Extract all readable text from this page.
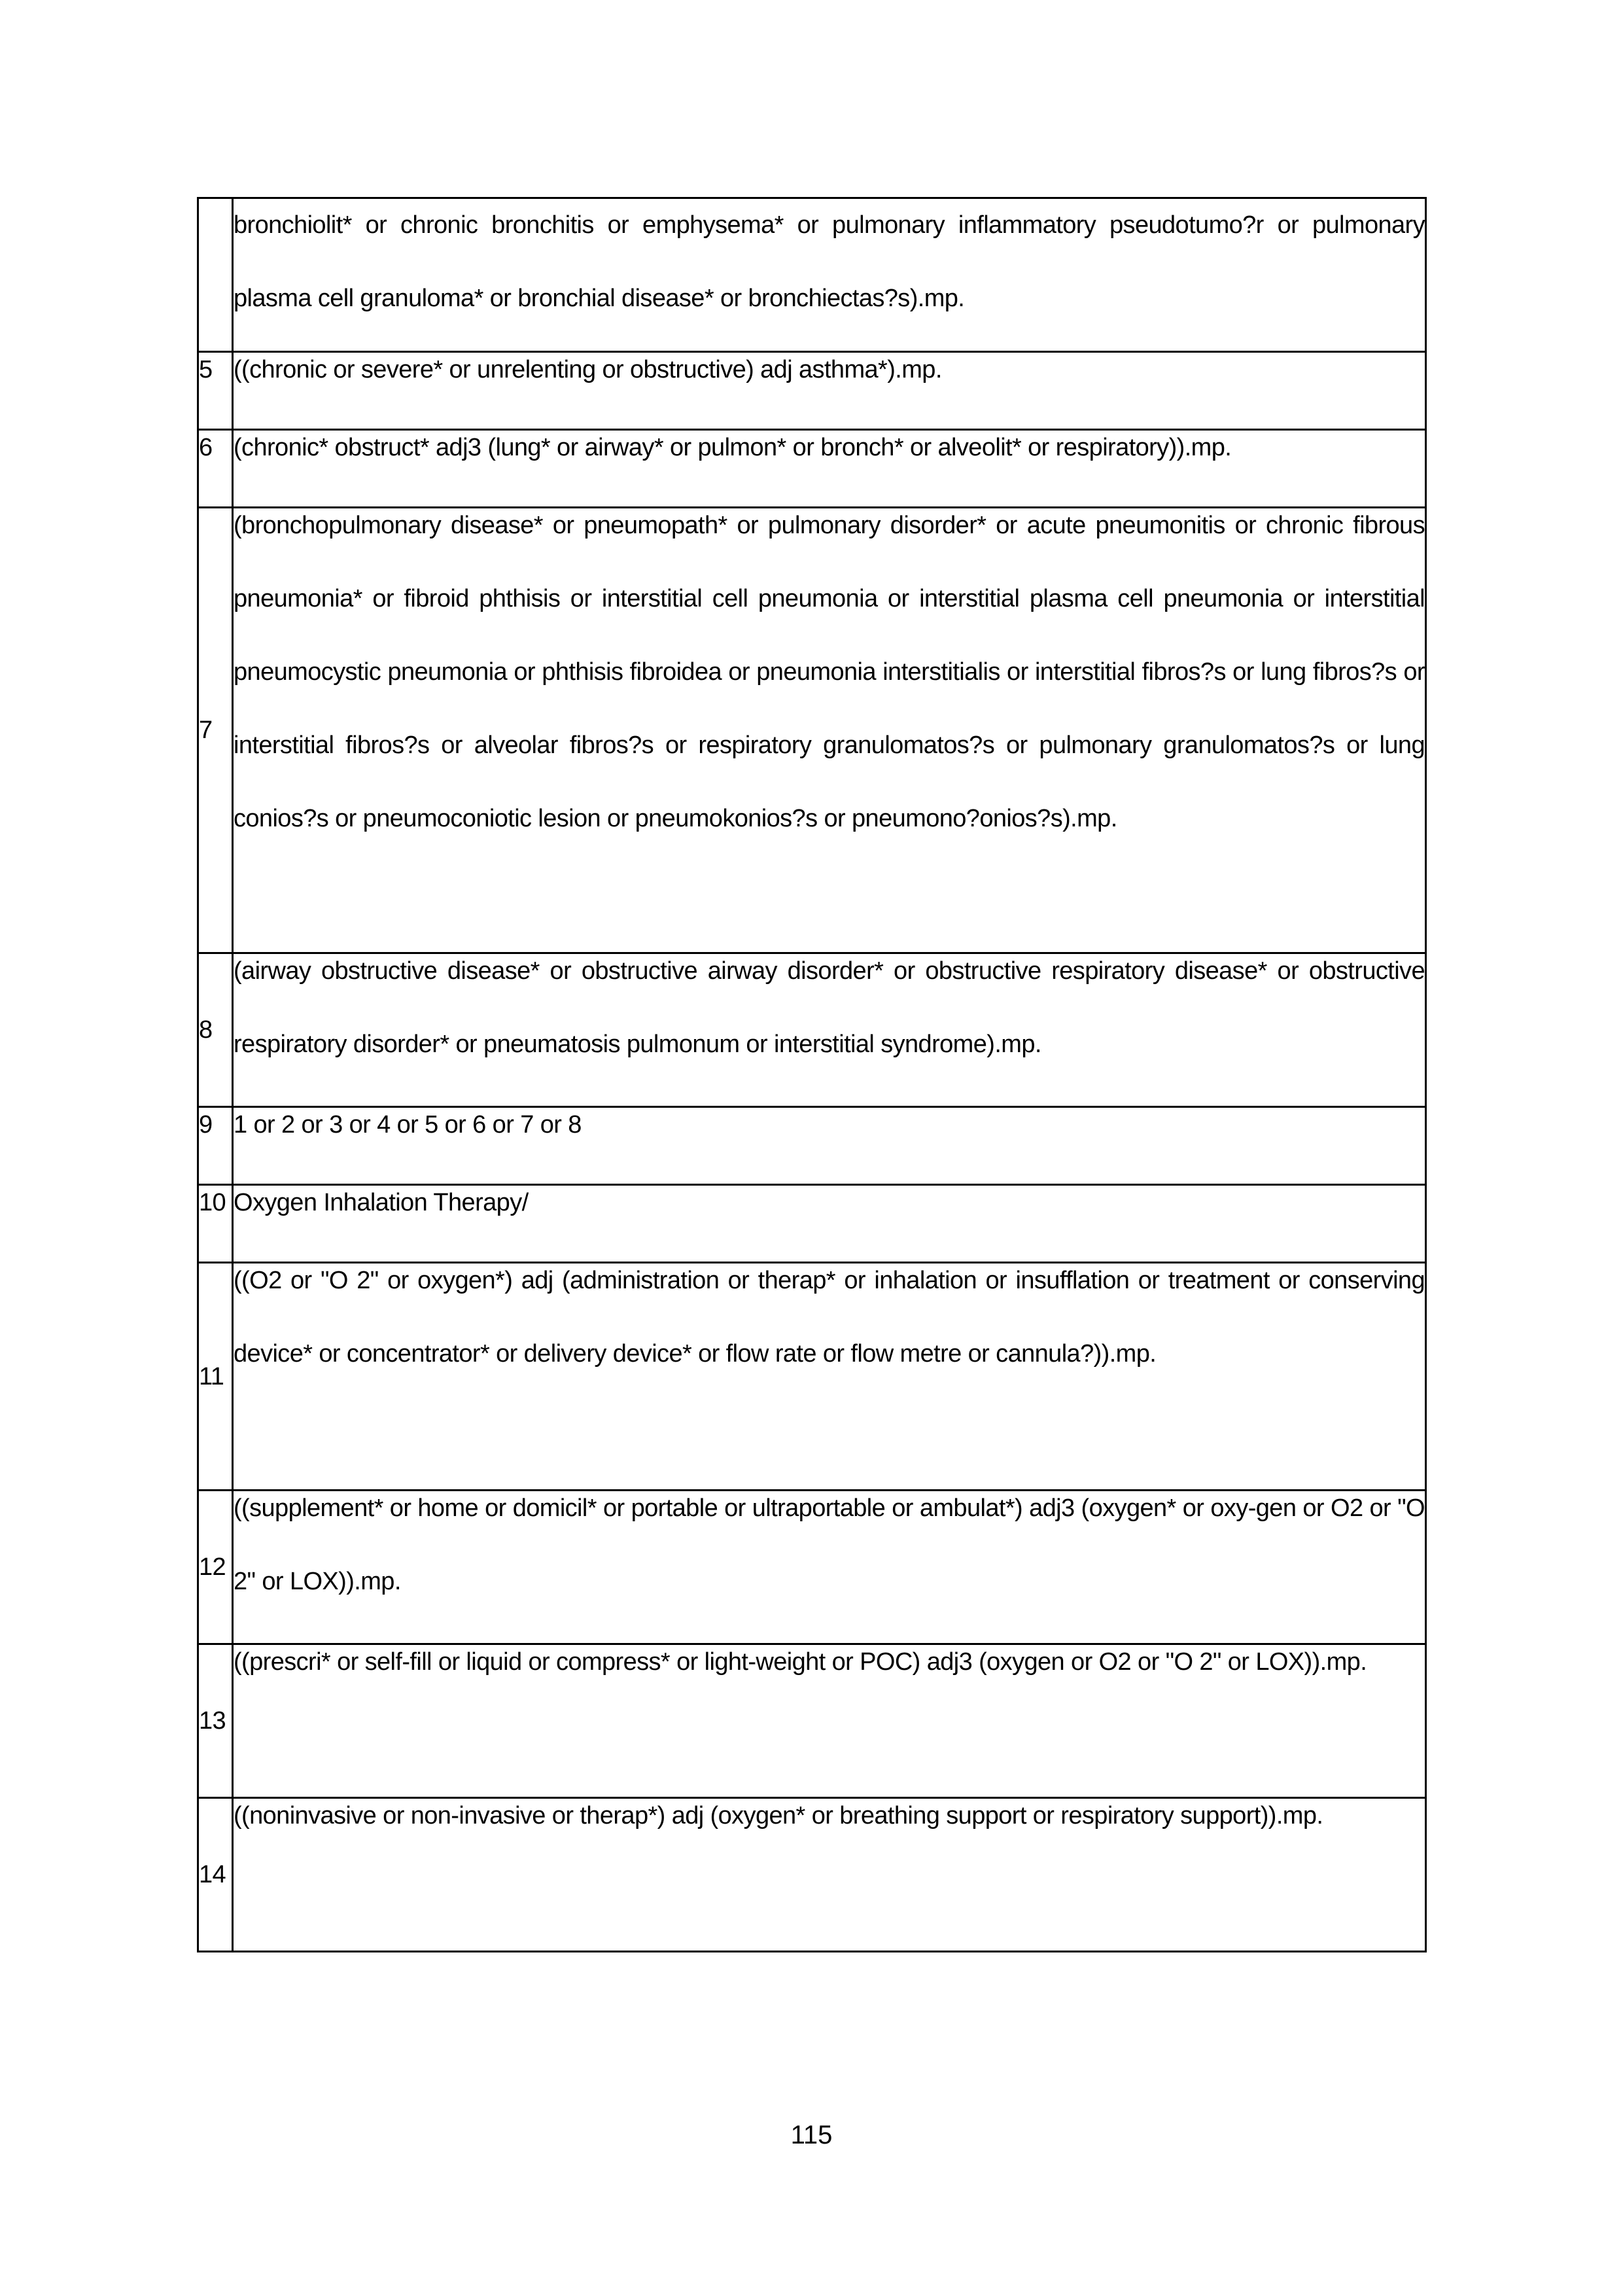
	bronchiolit* or chronic bronchitis or emphysema* or pulmonary inflammatory pseudotumo?r or pulmonary plasma cell granuloma* or bronchial disease* or bronchiectas?s).mp.

5	((chronic or severe* or unrelenting or obstructive) adj asthma*).mp.

6	(chronic* obstruct* adj3 (lung* or airway* or pulmon* or bronch* or alveolit* or respiratory)).mp.

7	(bronchopulmonary disease* or pneumopath* or pulmonary disorder* or acute pneumonitis or chronic fibrous pneumonia* or fibroid phthisis or interstitial cell pneumonia or interstitial plasma cell pneumonia or interstitial pneumocystic pneumonia or phthisis fibroidea or pneumonia interstitialis or interstitial fibros?s or lung fibros?s or interstitial fibros?s or alveolar fibros?s or respiratory granulomatos?s or pulmonary granulomatos?s or lung conios?s or pneumoconiotic lesion or pneumokonios?s or pneumono?onios?s).mp.

8	(airway obstructive disease* or obstructive airway disorder* or obstructive respiratory disease* or obstructive respiratory disorder* or pneumatosis pulmonum or interstitial syndrome).mp.

9	1 or 2 or 3 or 4 or 5 or 6 or 7 or 8

10	Oxygen Inhalation Therapy/

11	((O2 or "O 2" or oxygen*) adj (administration or therap* or inhalation or insufflation or treatment or conserving device* or concentrator* or delivery device* or flow rate or flow metre or cannula?)).mp.

12	((supplement* or home or domicil* or portable or ultraportable or ambulat*) adj3 (oxygen* or oxy-gen or O2 or "O 2" or LOX)).mp.

13	((prescri* or self-fill or liquid or compress* or light-weight or POC) adj3 (oxygen or O2 or "O 2" or LOX)).mp.

14	((noninvasive or non-invasive or therap*) adj (oxygen* or breathing support or respiratory support)).mp.
115
